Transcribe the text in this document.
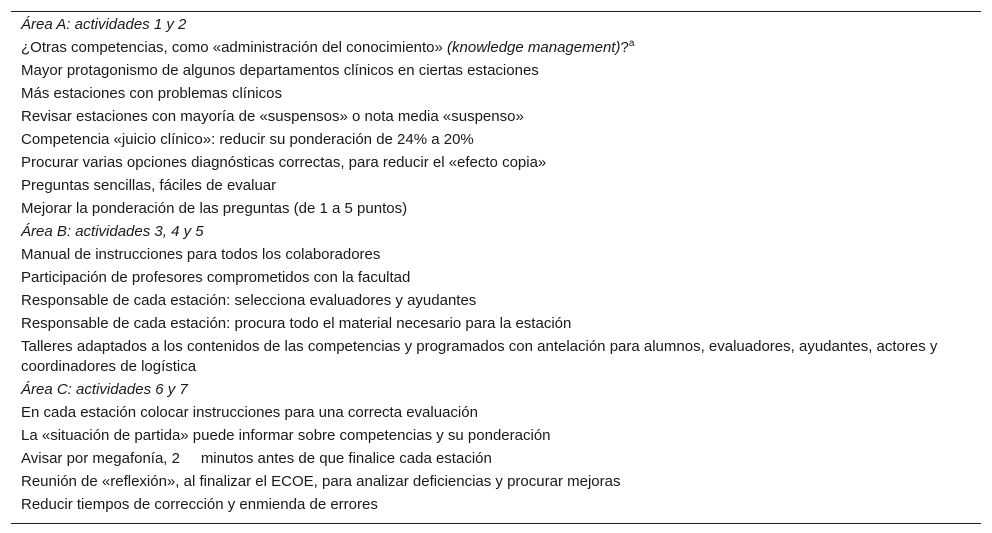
Área A: actividades 1 y 2
¿Otras competencias, como «administración del conocimiento» (knowledge management)?$^a$
Mayor protagonismo de algunos departamentos clínicos en ciertas estaciones
Más estaciones con problemas clínicos
Revisar estaciones con mayoría de «suspensos» o nota media «suspenso»
Competencia «juicio clínico»: reducir su ponderación de 24% a 20%
Procurar varias opciones diagnósticas correctas, para reducir el «efecto copia»
Preguntas sencillas, fáciles de evaluar
Mejorar la ponderación de las preguntas (de 1 a 5 puntos)
Área B: actividades 3, 4 y 5
Manual de instrucciones para todos los colaboradores
Participación de profesores comprometidos con la facultad
Responsable de cada estación: selecciona evaluadores y ayudantes
Responsable de cada estación: procura todo el material necesario para la estación
Talleres adaptados a los contenidos de las competencias y programados con antelación para alumnos, evaluadores, ayudantes, actores y coordinadores de logística
Área C: actividades 6 y 7
En cada estación colocar instrucciones para una correcta evaluación
La «situación de partida» puede informar sobre competencias y su ponderación
Avisar por megafonía, 2     minutos antes de que finalice cada estación
Reunión de «reflexión», al finalizar el ECOE, para analizar deficiencias y procurar mejoras
Reducir tiempos de corrección y enmienda de errores
